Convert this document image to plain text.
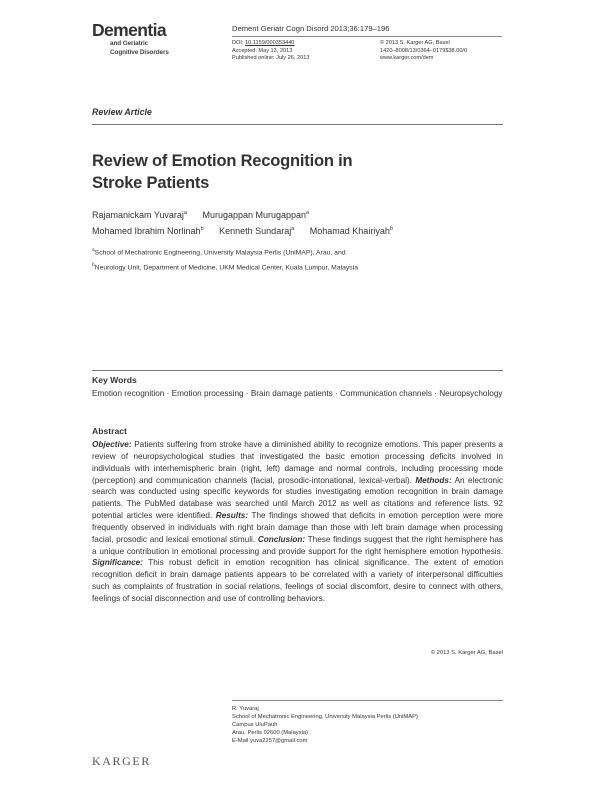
Dementia
and Geriatric
Cognitive Disorders
Dement Geriatr Cogn Disord 2013;36:179–196
DOI: 10.1159/000353440
Accepted: May 13, 2013
Published online: July 26, 2013
© 2013 S. Karger AG, Basel
1420–8008/13/0364–0179$38.00/0
www.karger.com/dem
Review Article
Review of Emotion Recognition in
Stroke Patients
Rajamanickam Yuvaraj$^a$ Murugappan Murugappan$^a$
Mohamed Ibrahim Norlinah$^b$ Kenneth Sundaraj$^a$ Mohamad Khairiyah$^b$
$^a$School of Mechatronic Engineering, University Malaysia Perlis (UniMAP), Arau, and
$^b$Neurology Unit, Department of Medicine, UKM Medical Center, Kuala Lumpur, Malaysia
Key Words
Emotion recognition · Emotion processing · Brain damage patients · Communication channels · Neuropsychology
Abstract
Objective: Patients suffering from stroke have a diminished ability to recognize emotions. This paper presents a review of neuropsychological studies that investigated the basic emotion processing deficits involved in individuals with interhemispheric brain (right, left) damage and normal controls, including processing mode (perception) and communication channels (facial, prosodic-intonational, lexical-verbal). Methods: An electronic search was conducted using specific keywords for studies investigating emotion recognition in brain damage patients. The PubMed database was searched until March 2012 as well as citations and reference lists. 92 potential articles were identified. Results: The findings showed that deficits in emotion perception were more frequently observed in individuals with right brain damage than those with left brain damage when processing facial, prosodic and lexical emotional stimuli. Conclusion: These findings suggest that the right hemisphere has a unique contribution in emotional processing and provide support for the right hemisphere emotion hypothesis. Significance: This robust deficit in emotion recognition has clinical significance. The extent of emotion recognition deficit in brain damage patients appears to be correlated with a variety of interpersonal difficulties such as complaints of frustration in social relations, feelings of social discomfort, desire to connect with others, feelings of social disconnection and use of controlling behaviors.
© 2013 S. Karger AG, Basel
R. Yuvaraj
School of Mechatronic Engineering, University Malaysia Perlis (UniMAP)
Campus UluPauh
Arau, Perlis 02600 (Malaysia)
E-Mail yuva2257@gmail.com
KARGER
